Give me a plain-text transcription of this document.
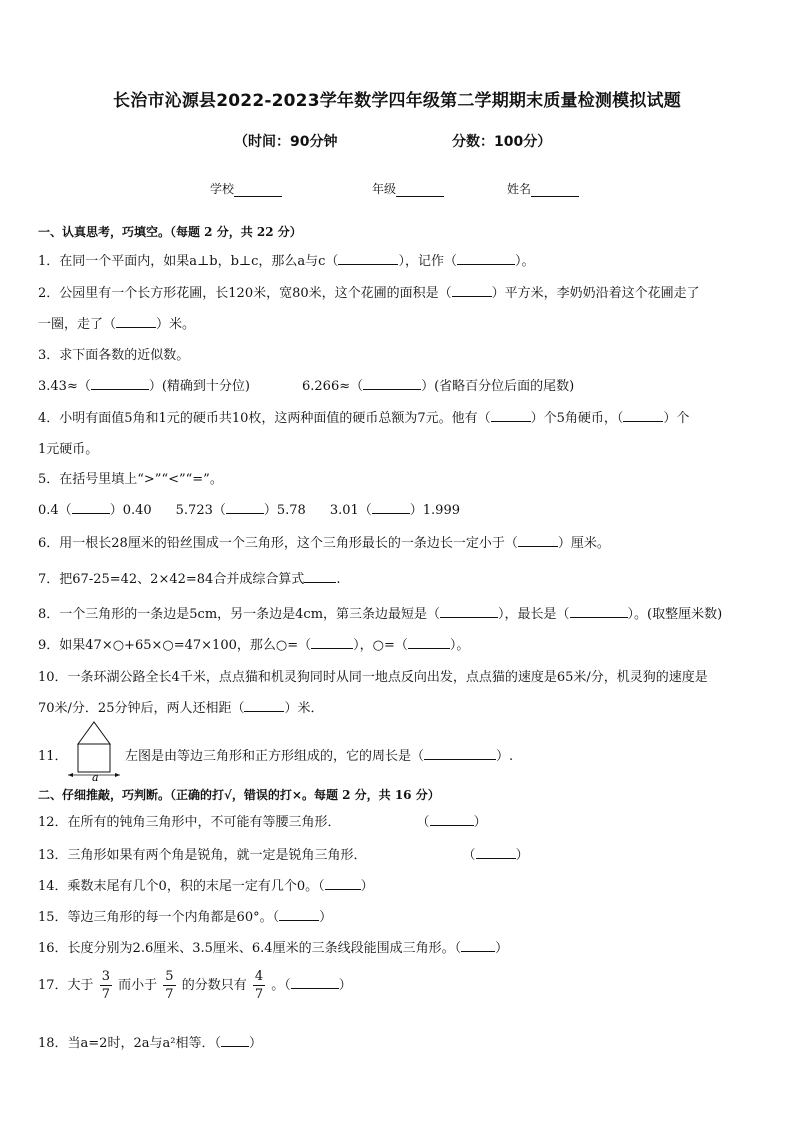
长治市沁源县2022-2023学年数学四年级第二学期期末质量检测模拟试题
（时间：90分钟	分数：100分）
学校	年级	姓名
一、认真思考，巧填空。（每题 2 分，共 22 分）
1．在同一个平面内，如果a⊥b，b⊥c，那么a与c（	），记作（	）。
2．公园里有一个长方形花圃，长120米，宽80米，这个花圃的面积是（	）平方米，李奶奶沿着这个花圃走了
一圈，走了（	）米。
3．求下面各数的近似数。
3.43≈（	）(精确到十分位)	6.266≈（	）(省略百分位后面的尾数)
4．小明有面值5角和1元的硬币共10枚，这两种面值的硬币总额为7元。他有（	）个5角硬币，（	）个
1元硬币。
5．在括号里填上“>”“<”“=”。
0.4（	）0.40 5.723（	）5.78 3.01（	）1.999
6．用一根长28厘米的铅丝围成一个三角形，这个三角形最长的一条边长一定小于（	）厘米。
7．把67-25=42、2×42=84合并成综合算式 .
8．一个三角形的一条边是5cm，另一条边是4cm，第三条边最短是（	），最长是（	）。(取整厘米数)
9．如果47×○+65×○=47×100，那么○=（	），○=（	）。
10．一条环湖公路全长4千米，点点猫和机灵狗同时从同一地点反向出发，点点猫的速度是65米/分，机灵狗的速度是
70米/分．25分钟后，两人还相距（	）米．
11．
a
左图是由等边三角形和正方形组成的，它的周长是（	）.
二、仔细推敲，巧判断。（正确的打√，错误的打×。每题 2 分，共 16 分）
12．在所有的钝角三角形中，不可能有等腰三角形．	（	）
13．三角形如果有两个角是锐角，就一定是锐角三角形．	（	）
14．乘数末尾有几个0，积的末尾一定有几个0。（	）
15．等边三角形的每一个内角都是60°。（	）
16．长度分别为2.6厘米、3.5厘米、6.4厘米的三条线段能围成三角形。（	）
17．大于 $\frac{3}{7}$ 而小于 $\frac{5}{7}$ 的分数只有 $\frac{4}{7}$ 。（	）
18．当a=2时，2a与a²相等．（ ）
